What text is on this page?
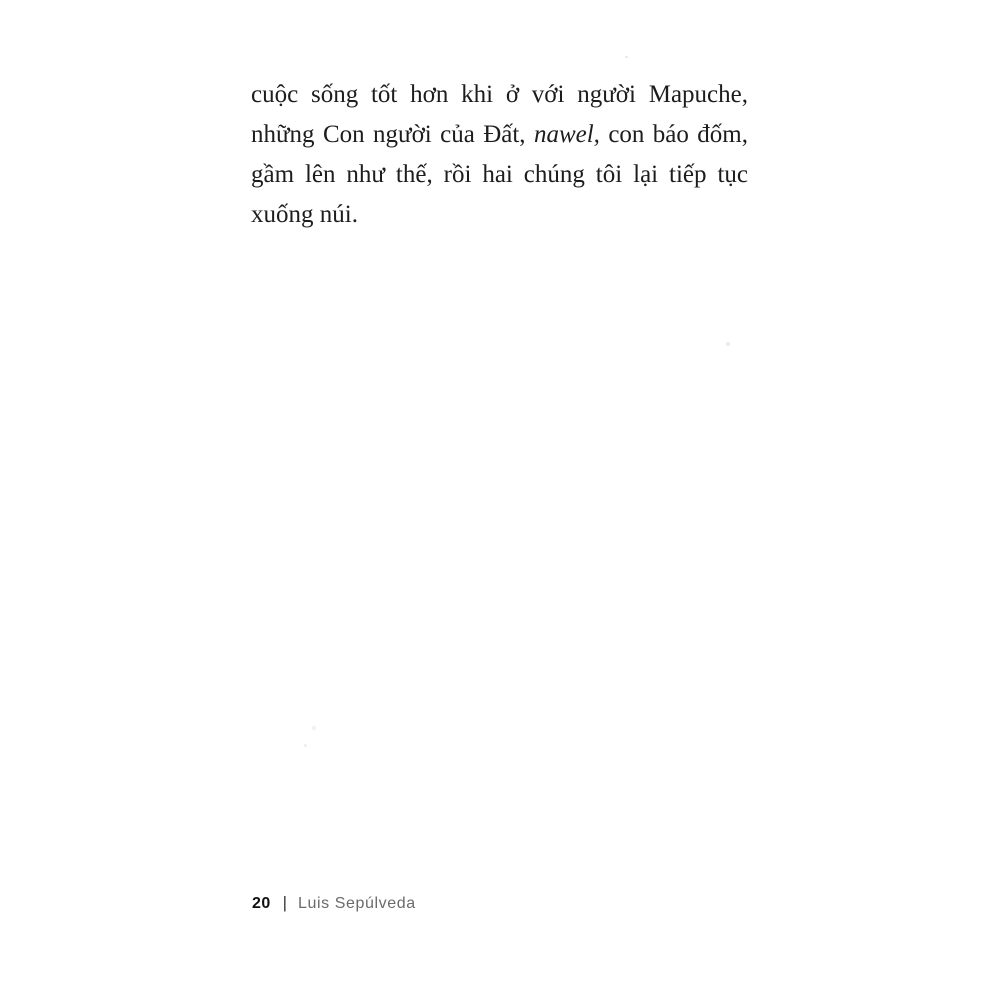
cuộc sống tốt hơn khi ở với người Mapuche,
những Con người của Đất, nawel, con báo đốm,
gầm lên như thế, rồi hai chúng tôi lại tiếp tục
xuống núi.
20 | Luis Sepúlveda
